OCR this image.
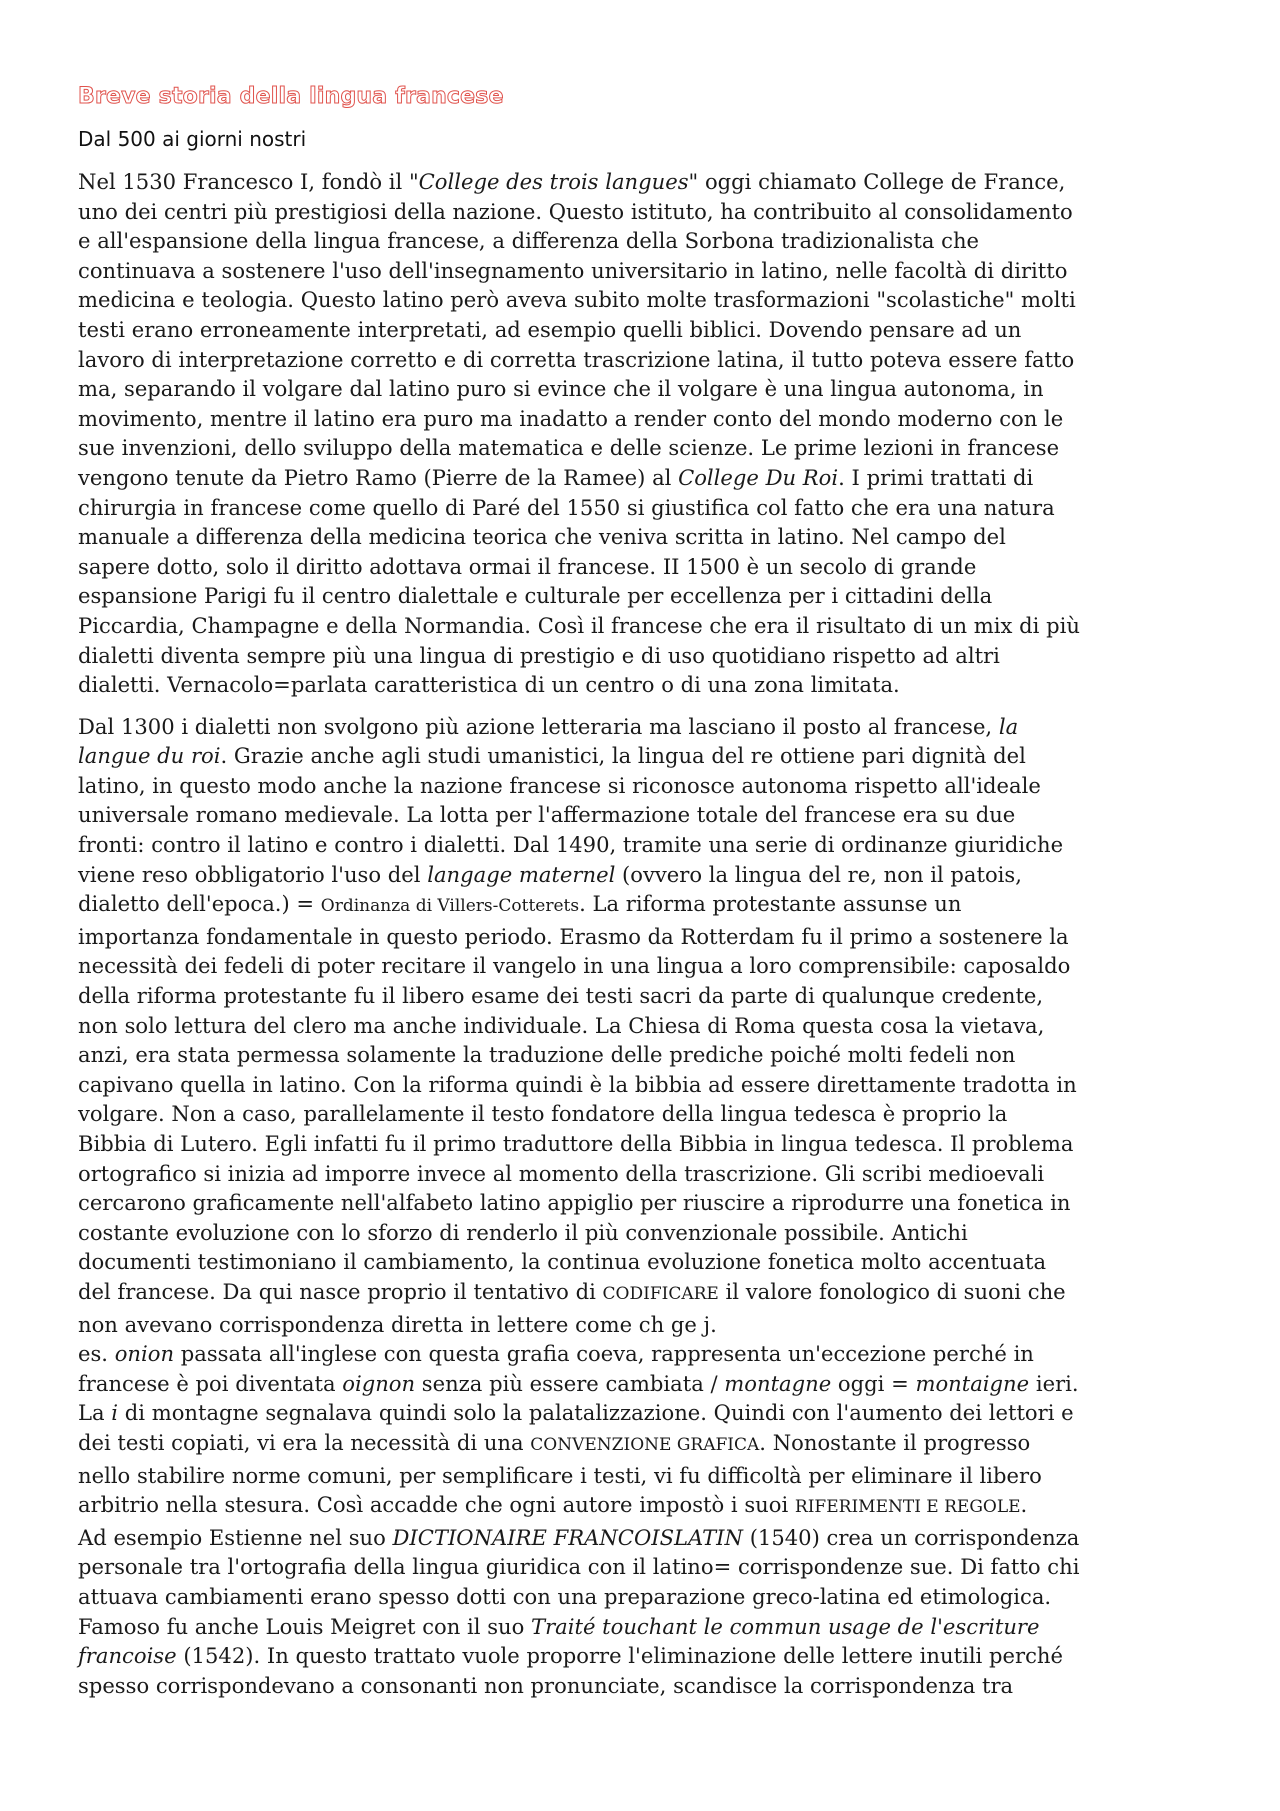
Breve storia della lingua francese
Dal 500 ai giorni nostri

Nel 1530 Francesco I, fondò il "College des trois langues" oggi chiamato College de France,
uno dei centri più prestigiosi della nazione. Questo istituto, ha contribuito al consolidamento
e all'espansione della lingua francese, a differenza della Sorbona tradizionalista che
continuava a sostenere l'uso dell'insegnamento universitario in latino, nelle facoltà di diritto
medicina e teologia. Questo latino però aveva subito molte trasformazioni "scolastiche" molti
testi erano erroneamente interpretati, ad esempio quelli biblici. Dovendo pensare ad un
lavoro di interpretazione corretto e di corretta trascrizione latina, il tutto poteva essere fatto
ma, separando il volgare dal latino puro si evince che il volgare è una lingua autonoma, in
movimento, mentre il latino era puro ma inadatto a render conto del mondo moderno con le
sue invenzioni, dello sviluppo della matematica e delle scienze. Le prime lezioni in francese
vengono tenute da Pietro Ramo (Pierre de la Ramee) al College Du Roi. I primi trattati di
chirurgia in francese come quello di Paré del 1550 si giustifica col fatto che era una natura
manuale a differenza della medicina teorica che veniva scritta in latino. Nel campo del
sapere dotto, solo il diritto adottava ormai il francese. II 1500 è un secolo di grande
espansione Parigi fu il centro dialettale e culturale per eccellenza per i cittadini della
Piccardia, Champagne e della Normandia. Così il francese che era il risultato di un mix di più
dialetti diventa sempre più una lingua di prestigio e di uso quotidiano rispetto ad altri
dialetti. Vernacolo=parlata caratteristica di un centro o di una zona limitata.

Dal 1300 i dialetti non svolgono più azione letteraria ma lasciano il posto al francese, la
langue du roi. Grazie anche agli studi umanistici, la lingua del re ottiene pari dignità del
latino, in questo modo anche la nazione francese si riconosce autonoma rispetto all'ideale
universale romano medievale. La lotta per l'affermazione totale del francese era su due
fronti: contro il latino e contro i dialetti. Dal 1490, tramite una serie di ordinanze giuridiche
viene reso obbligatorio l'uso del langage maternel (ovvero la lingua del re, non il patois,
dialetto dell'epoca.) = Ordinanza di Villers-Cotterets. La riforma protestante assunse un
importanza fondamentale in questo periodo. Erasmo da Rotterdam fu il primo a sostenere la
necessità dei fedeli di poter recitare il vangelo in una lingua a loro comprensibile: caposaldo
della riforma protestante fu il libero esame dei testi sacri da parte di qualunque credente,
non solo lettura del clero ma anche individuale. La Chiesa di Roma questa cosa la vietava,
anzi, era stata permessa solamente la traduzione delle prediche poiché molti fedeli non
capivano quella in latino. Con la riforma quindi è la bibbia ad essere direttamente tradotta in
volgare. Non a caso, parallelamente il testo fondatore della lingua tedesca è proprio la
Bibbia di Lutero. Egli infatti fu il primo traduttore della Bibbia in lingua tedesca. Il problema
ortografico si inizia ad imporre invece al momento della trascrizione. Gli scribi medioevali
cercarono graficamente nell'alfabeto latino appiglio per riuscire a riprodurre una fonetica in
costante evoluzione con lo sforzo di renderlo il più convenzionale possibile. Antichi
documenti testimoniano il cambiamento, la continua evoluzione fonetica molto accentuata
del francese. Da qui nasce proprio il tentativo di CODIFICARE il valore fonologico di suoni che
non avevano corrispondenza diretta in lettere come ch ge j.
es. onion passata all'inglese con questa grafia coeva, rappresenta un'eccezione perché in
francese è poi diventata oignon senza più essere cambiata / montagne oggi = montaigne ieri.
La i di montagne segnalava quindi solo la palatalizzazione. Quindi con l'aumento dei lettori e
dei testi copiati, vi era la necessità di una CONVENZIONE GRAFICA. Nonostante il progresso
nello stabilire norme comuni, per semplificare i testi, vi fu difficoltà per eliminare il libero
arbitrio nella stesura. Così accadde che ogni autore impostò i suoi RIFERIMENTI E REGOLE.
Ad esempio Estienne nel suo DICTIONAIRE FRANCOISLATIN (1540) crea un corrispondenza
personale tra l'ortografia della lingua giuridica con il latino= corrispondenze sue. Di fatto chi
attuava cambiamenti erano spesso dotti con una preparazione greco-latina ed etimologica.
Famoso fu anche Louis Meigret con il suo Traité touchant le commun usage de l'escriture
francoise (1542). In questo trattato vuole proporre l'eliminazione delle lettere inutili perché
spesso corrispondevano a consonanti non pronunciate, scandisce la corrispondenza tra
